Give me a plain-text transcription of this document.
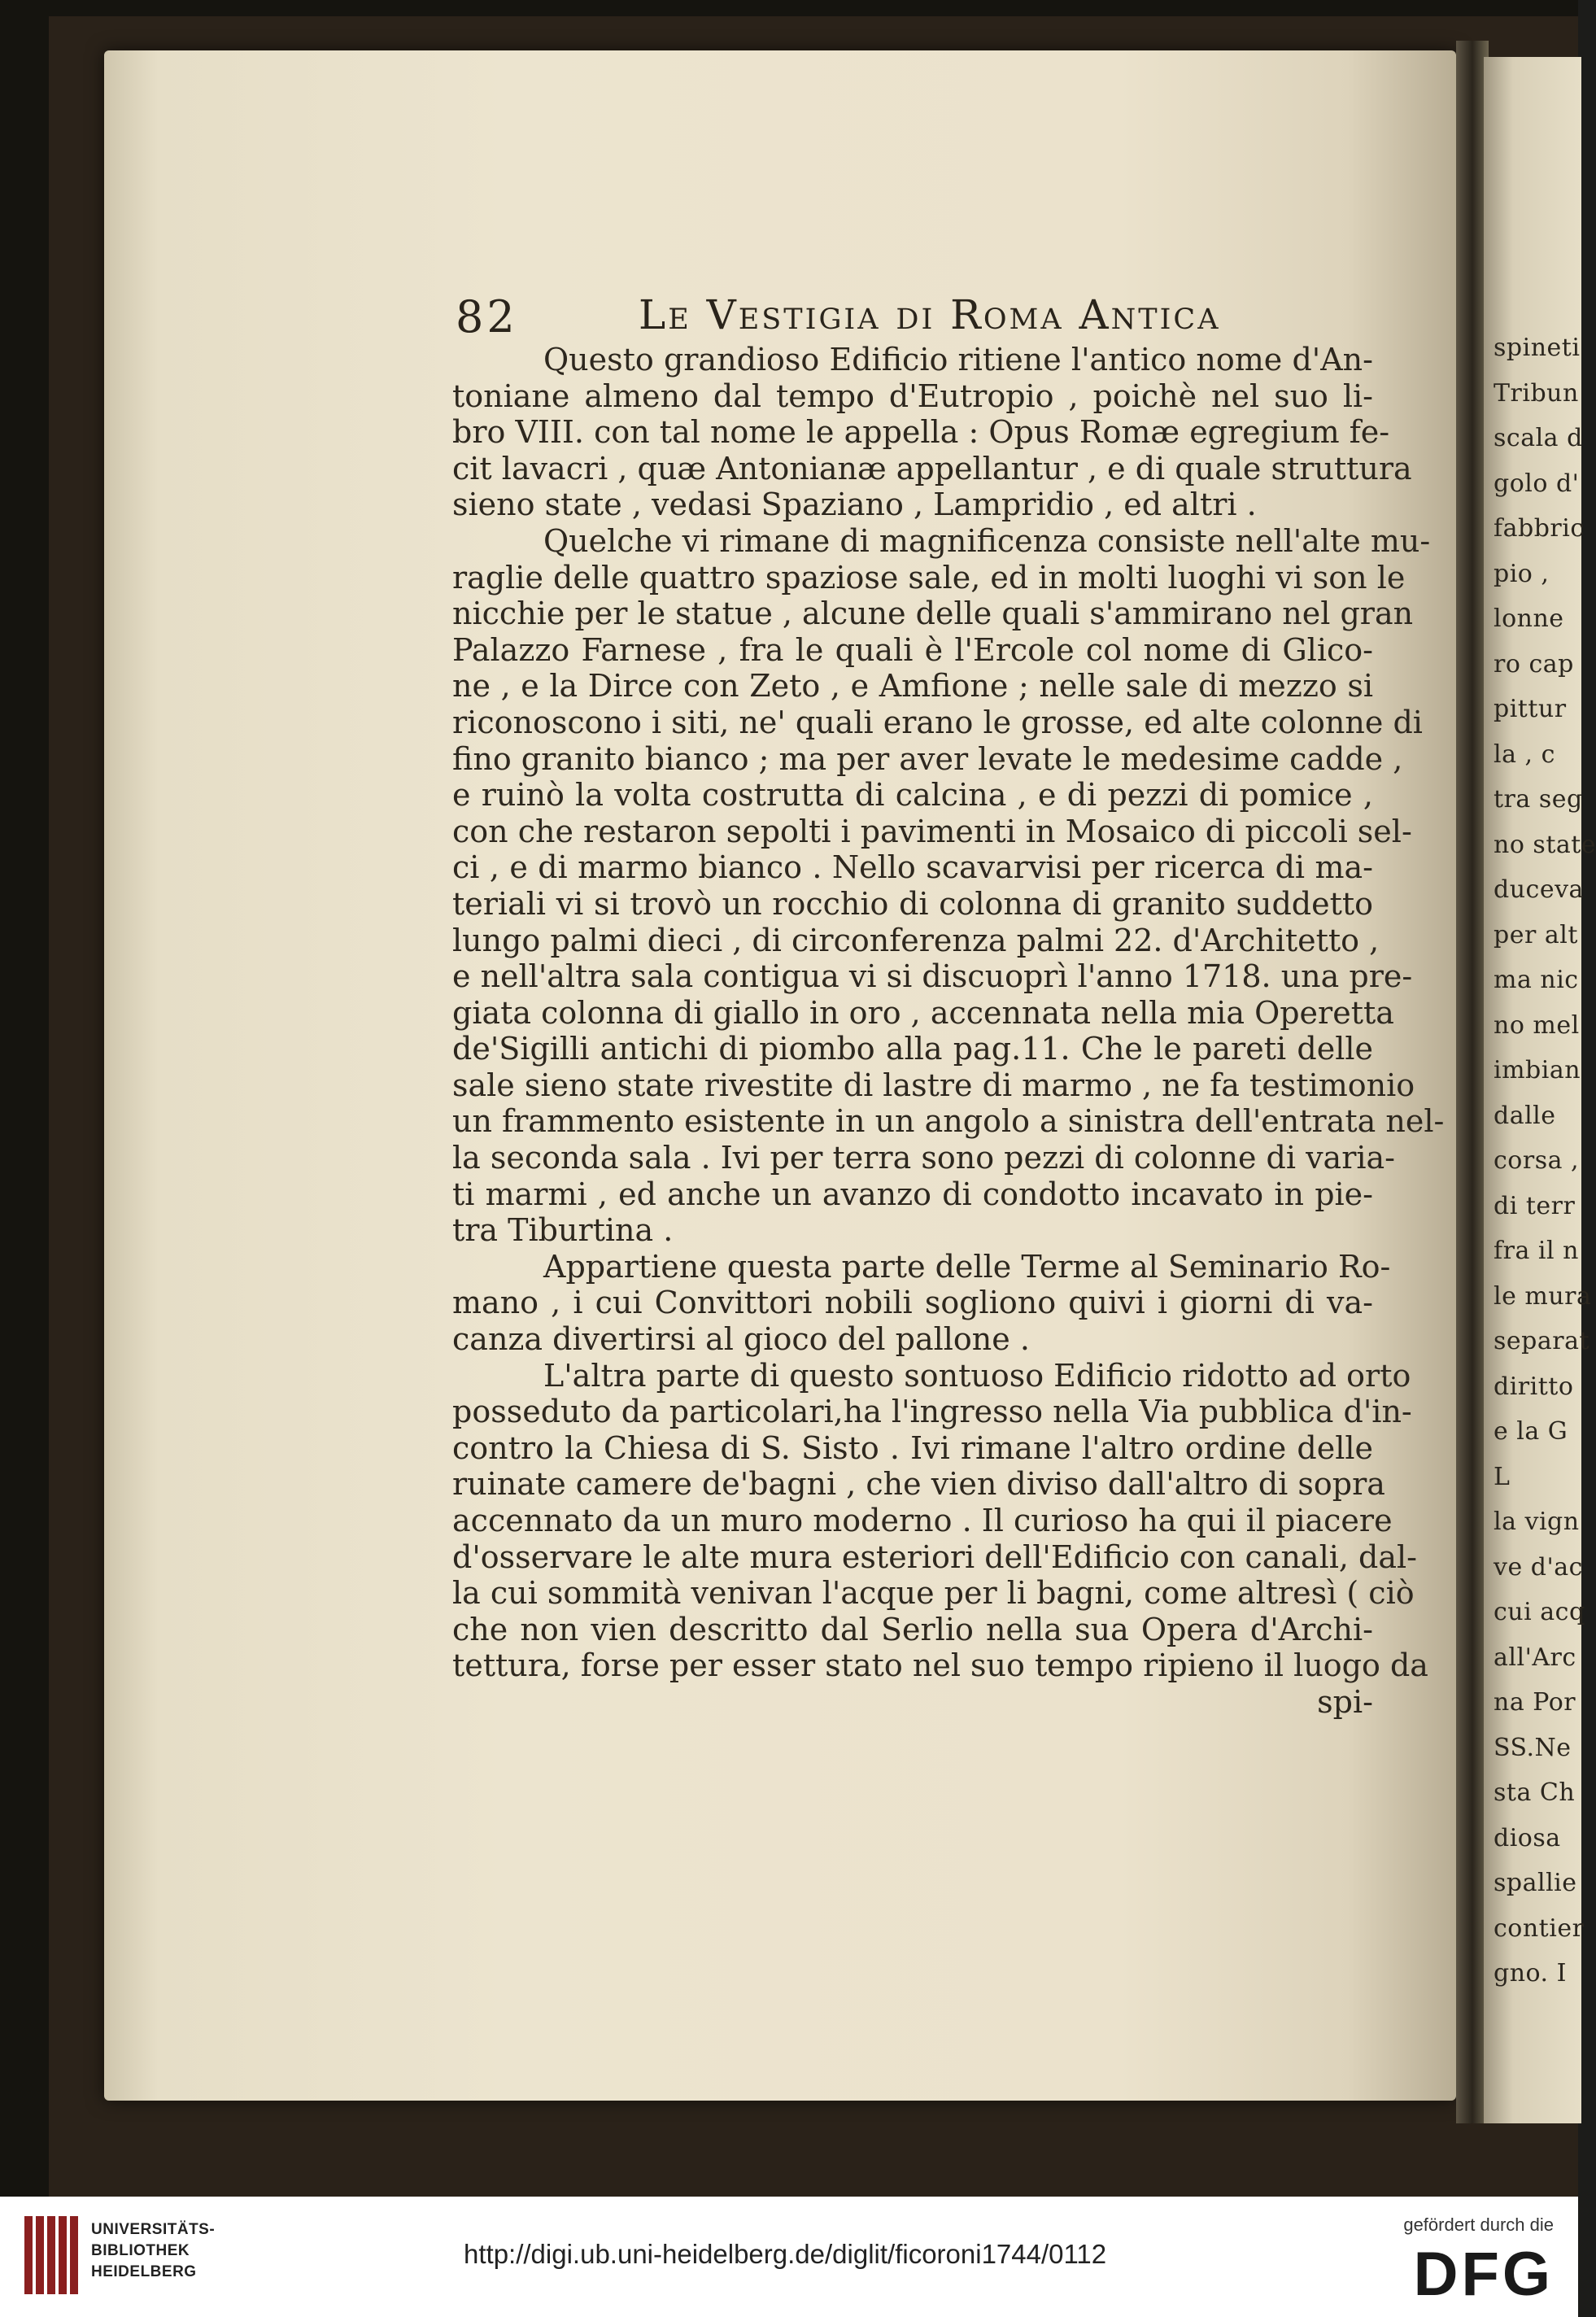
spineti
Tribun
scala d
golo d'
fabbric
pio ,
lonne
ro cap
pittur
la , c
tra seg
no state
duceva
per alt
ma nic
no mel
imbian
dalle
corsa ,
di terr
fra il n
le mura
separat
diritto
e la G
L
la vign
ve d'ac
cui acq
all'Arc
na Por
SS.Ne
sta Ch
diosa
spallie
contier
gno. I
82	Le Vestigia di Roma Antica
Questo grandioso Edificio ritiene l'antico nome d'An-
toniane almeno dal tempo d'Eutropio , poichè nel suo li-
bro VIII. con tal nome le appella : Opus Romæ egregium fe-
cit lavacri , quæ Antonianæ appellantur , e di quale struttura
sieno state , vedasi Spaziano , Lampridio , ed altri .
Quelche vi rimane di magnificenza consiste nell'alte mu-
raglie delle quattro spaziose sale, ed in molti luoghi vi son le
nicchie per le statue , alcune delle quali s'ammirano nel gran
Palazzo Farnese , fra le quali è l'Ercole col nome di Glico-
ne , e la Dirce con Zeto , e Amfione ; nelle sale di mezzo si
riconoscono i siti, ne' quali erano le grosse, ed alte colonne di
fino granito bianco ; ma per aver levate le medesime cadde ,
e ruinò la volta costrutta di calcina , e di pezzi di pomice ,
con che restaron sepolti i pavimenti in Mosaico di piccoli sel-
ci , e di marmo bianco . Nello scavarvisi per ricerca di ma-
teriali vi si trovò un rocchio di colonna di granito suddetto
lungo palmi dieci , di circonferenza palmi 22. d'Architetto ,
e nell'altra sala contigua vi si discuoprì l'anno 1718. una pre-
giata colonna di giallo in oro , accennata nella mia Operetta
de'Sigilli antichi di piombo alla pag.11. Che le pareti delle
sale sieno state rivestite di lastre di marmo , ne fa testimonio
un frammento esistente in un angolo a sinistra dell'entrata nel-
la seconda sala . Ivi per terra sono pezzi di colonne di varia-
ti marmi , ed anche un avanzo di condotto incavato in pie-
tra Tiburtina .
Appartiene questa parte delle Terme al Seminario Ro-
mano , i cui Convittori nobili sogliono quivi i giorni di va-
canza divertirsi al gioco del pallone .
L'altra parte di questo sontuoso Edificio ridotto ad orto
posseduto da particolari,ha l'ingresso nella Via pubblica d'in-
contro la Chiesa di S. Sisto . Ivi rimane l'altro ordine delle
ruinate camere de'bagni , che vien diviso dall'altro di sopra
accennato da un muro moderno . Il curioso ha qui il piacere
d'osservare le alte mura esteriori dell'Edificio con canali, dal-
la cui sommità venivan l'acque per li bagni, come altresì ( ciò
che non vien descritto dal Serlio nella sua Opera d'Archi-
tettura, forse per esser stato nel suo tempo ripieno il luogo da
spi-
UNIVERSITÄTS-
BIBLIOTHEK
HEIDELBERG
http://digi.ub.uni-heidelberg.de/diglit/ficoroni1744/0112
gefördert durch die
DFG
